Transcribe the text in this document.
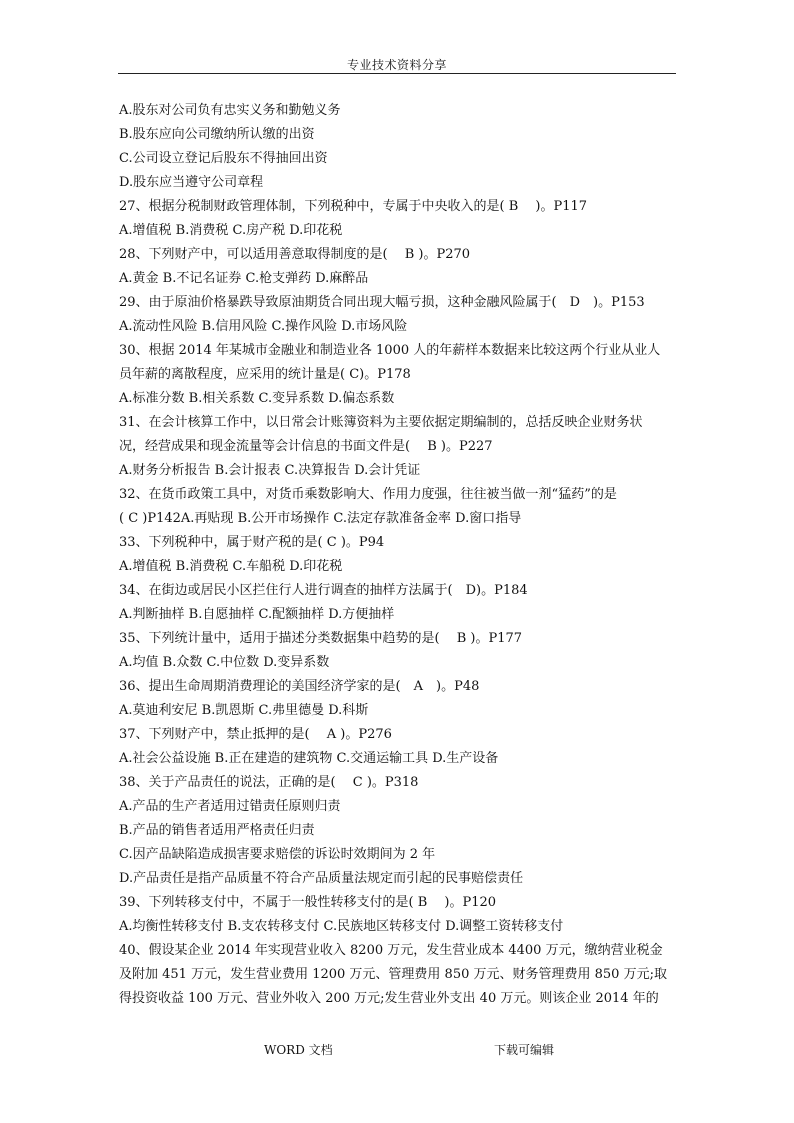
专业技术资料分享
A.股东对公司负有忠实义务和勤勉义务
B.股东应向公司缴纳所认缴的出资
C.公司设立登记后股东不得抽回出资
D.股东应当遵守公司章程
27、根据分税制财政管理体制，下列税种中，专属于中央收入的是( B　 )。P117
A.增值税 B.消费税 C.房产税 D.印花税
28、下列财产中，可以适用善意取得制度的是(　 B )。P270
A.黄金 B.不记名证券 C.枪支弹药 D.麻醉品
29、由于原油价格暴跌导致原油期货合同出现大幅亏损，这种金融风险属于(　D　)。P153
A.流动性风险 B.信用风险 C.操作风险 D.市场风险
30、根据 2014 年某城市金融业和制造业各 1000 人的年薪样本数据来比较这两个行业从业人
员年薪的离散程度，应采用的统计量是( C)。P178
A.标准分数 B.相关系数 C.变异系数 D.偏态系数
31、在会计核算工作中，以日常会计账簿资料为主要依据定期编制的，总括反映企业财务状
况，经营成果和现金流量等会计信息的书面文件是(　 B )。P227
A.财务分析报告 B.会计报表 C.决算报告 D.会计凭证
32、在货币政策工具中，对货币乘数影响大、作用力度强，往往被当做一剂“猛药”的是
( C )P142A.再贴现 B.公开市场操作 C.法定存款准备金率 D.窗口指导
33、下列税种中，属于财产税的是( C )。P94
A.增值税 B.消费税 C.车船税 D.印花税
34、在街边或居民小区拦住行人进行调查的抽样方法属于(　D)。P184
A.判断抽样 B.自愿抽样 C.配额抽样 D.方便抽样
35、下列统计量中，适用于描述分类数据集中趋势的是(　 B )。P177
A.均值 B.众数 C.中位数 D.变异系数
36、提出生命周期消费理论的美国经济学家的是(　A　)。P48
A.莫迪利安尼 B.凯恩斯 C.弗里德曼 D.科斯
37、下列财产中，禁止抵押的是(　 A )。P276
A.社会公益设施 B.正在建造的建筑物 C.交通运输工具 D.生产设备
38、关于产品责任的说法，正确的是(　 C )。P318
A.产品的生产者适用过错责任原则归责
B.产品的销售者适用严格责任归责
C.因产品缺陷造成损害要求赔偿的诉讼时效期间为 2 年
D.产品责任是指产品质量不符合产品质量法规定而引起的民事赔偿责任
39、下列转移支付中，不属于一般性转移支付的是( B　 )。P120
A.均衡性转移支付 B.支农转移支付 C.民族地区转移支付 D.调整工资转移支付
40、假设某企业 2014 年实现营业收入 8200 万元，发生营业成本 4400 万元，缴纳营业税金
及附加 451 万元，发生营业费用 1200 万元、管理费用 850 万元、财务管理费用 850 万元;取
得投资收益 100 万元、营业外收入 200 万元;发生营业外支出 40 万元。则该企业 2014 年的
WORD 文档	下载可编辑
